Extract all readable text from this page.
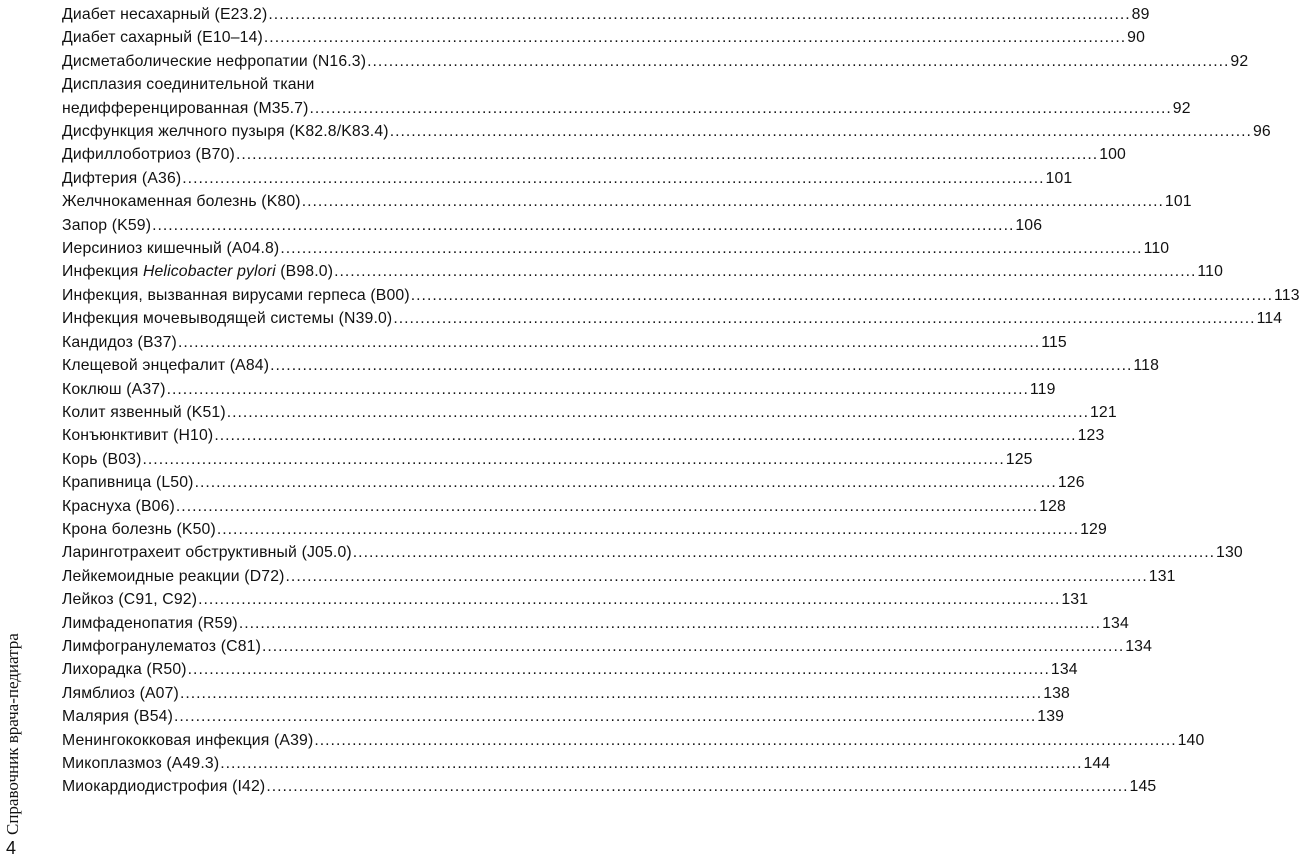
Диабет несахарный (Е23.2) ................................................................................................................................................................ 89
Диабет сахарный (Е10–14) ................................................................................................................................................................ 90
Дисметаболические нефропатии (N16.3) ................................................................................................................................................................ 92
Дисплазия соединительной ткани
недифференцированная (М35.7) ................................................................................................................................................................ 92
Дисфункция желчного пузыря (K82.8/K83.4) ................................................................................................................................................................ 96
Дифиллоботриоз (В70) ................................................................................................................................................................ 100
Дифтерия (А36) ................................................................................................................................................................ 101
Желчнокаменная болезнь (K80) ................................................................................................................................................................ 101
Запор (K59) ................................................................................................................................................................ 106
Иерсиниоз кишечный (А04.8) ................................................................................................................................................................ 110
Инфекция Helicobacter pylori (В98.0) ................................................................................................................................................................ 110
Инфекция, вызванная вирусами герпеса (В00) ................................................................................................................................................................ 113
Инфекция мочевыводящей системы (N39.0) ................................................................................................................................................................ 114
Кандидоз (В37) ................................................................................................................................................................ 115
Клещевой энцефалит (А84) ................................................................................................................................................................ 118
Коклюш (А37) ................................................................................................................................................................ 119
Колит язвенный (K51) ................................................................................................................................................................ 121
Конъюнктивит (H10) ................................................................................................................................................................ 123
Корь (В03) ................................................................................................................................................................ 125
Крапивница (L50) ................................................................................................................................................................ 126
Краснуха (В06) ................................................................................................................................................................ 128
Крона болезнь (K50) ................................................................................................................................................................ 129
Ларинготрахеит обструктивный (J05.0) ................................................................................................................................................................ 130
Лейкемоидные реакции (D72) ................................................................................................................................................................ 131
Лейкоз (С91, С92) ................................................................................................................................................................ 131
Лимфаденопатия (R59) ................................................................................................................................................................ 134
Лимфогранулематоз (С81) ................................................................................................................................................................ 134
Лихорадка (R50) ................................................................................................................................................................ 134
Лямблиоз (А07) ................................................................................................................................................................ 138
Малярия (В54) ................................................................................................................................................................ 139
Менингококковая инфекция (А39) ................................................................................................................................................................ 140
Микоплазмоз (А49.3) ................................................................................................................................................................ 144
Миокардиодистрофия (I42) ................................................................................................................................................................ 145
Справочник врача-педиатра
4
